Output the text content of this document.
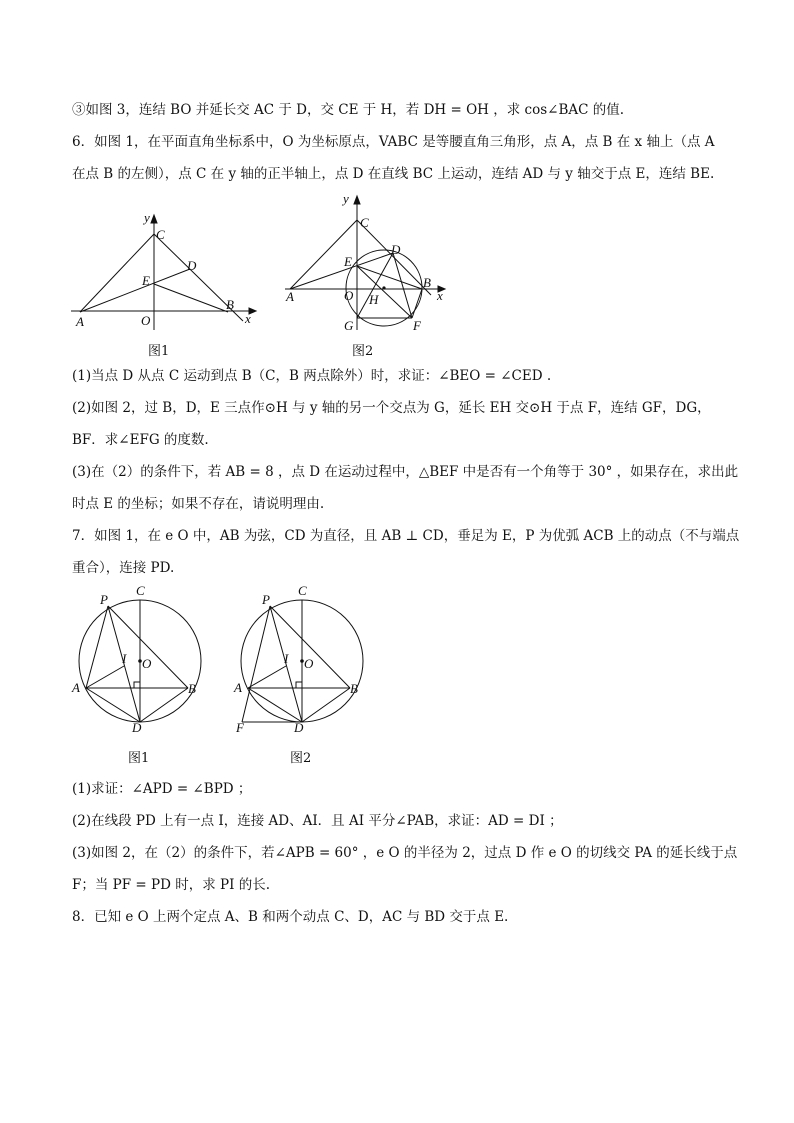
③如图 3，连结 BO 并延长交 AC 于 D，交 CE 于 H，若 DH = OH ，求 cos∠BAC 的值.
6．如图 1，在平面直角坐标系中，O 为坐标原点，VABC 是等腰直角三角形，点 A，点 B 在 x 轴上（点 A
在点 B 的左侧），点 C 在 y 轴的正半轴上，点 D 在直线 BC 上运动，连结 AD 与 y 轴交于点 E，连结 BE.
y
x
C
D
E
A	O
B
图1
y
x
C
D
E
A	O H
B
G	F
图2
(1)当点 D 从点 C 运动到点 B（C，B 两点除外）时，求证：∠BEO = ∠CED .
(2)如图 2，过 B，D，E 三点作⊙H 与 y 轴的另一个交点为 G，延长 EH 交⊙H 于点 F，连结 GF，DG，
BF．求∠EFG 的度数.
(3)在（2）的条件下，若 AB = 8 ，点 D 在运动过程中，△BEF 中是否有一个角等于 30° ，如果存在，求出此
时点 E 的坐标；如果不存在，请说明理由.
7．如图 1，在 e O 中，AB 为弦，CD 为直径，且 AB ⊥ CD，垂足为 E，P 为优弧 ACB 上的动点（不与端点
重合），连接 PD.
P
C
I O
A	B
D
图1
P
C
I O
A	B
D
F
图2
(1)求证：∠APD = ∠BPD ；
(2)在线段 PD 上有一点 I，连接 AD、AI．且 AI 平分∠PAB，求证：AD = DI ；
(3)如图 2，在（2）的条件下，若∠APB = 60° ，e O 的半径为 2，过点 D 作 e O 的切线交 PA 的延长线于点
F；当 PF = PD 时，求 PI 的长.
8．已知 e O 上两个定点 A、B 和两个动点 C、D，AC 与 BD 交于点 E.
